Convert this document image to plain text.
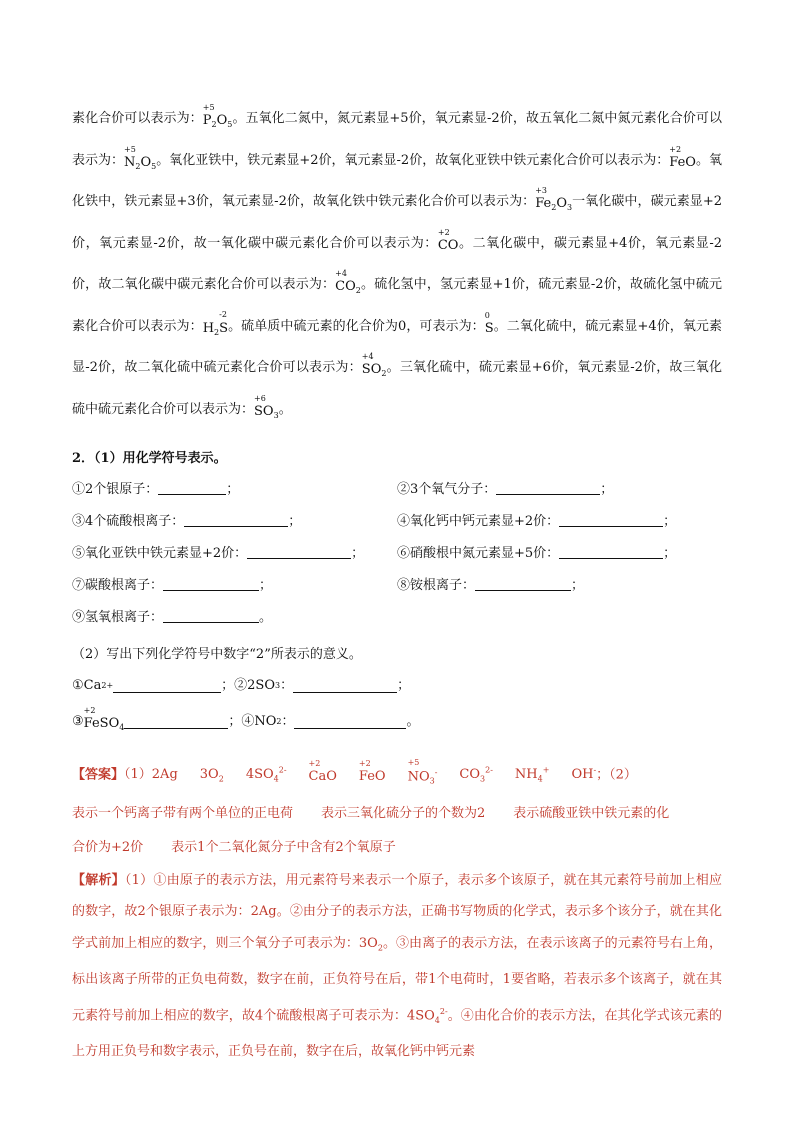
素化合价可以表示为：
+5
$P_2O_5$。五氧化二氮中，氮元素显+5价，氧元素显-2价，故五氧化二氮中氮元素化合价可以表示为：
+5
$N_2O_5$。氧化亚铁中，铁元素显+2价，氧元素显-2价，故氧化亚铁中铁元素化合价可以表示为：
+2
FeO。氧化铁中，铁元素显+3价，氧元素显-2价，故氧化铁中铁元素化合价可以表示为：
+3
$Fe_2O_3$一氧化碳中，碳元素显+2价，氧元素显-2价，故一氧化碳中碳元素化合价可以表示为：
+2
CO。二氧化碳中，碳元素显+4价，氧元素显-2价，故二氧化碳中碳元素化合价可以表示为：
+4
$CO_2$。硫化氢中，氢元素显+1价，硫元素显-2价，故硫化氢中硫元素化合价可以表示为：$H_2$
-2
S。硫单质中硫元素的化合价为0，可表示为：
0
S。二氧化硫中，硫元素显+4价，氧元素显-2价，故二氧化硫中硫元素化合价可以表示为：
+4
$SO_2$。三氧化硫中，硫元素显+6价，氧元素显-2价，故三氧化硫中硫元素化合价可以表示为：
+6
$SO_3$。

2．（1）用化学符号表示。

①2个银原子：	；	②3个氧气分子：	；
③4个硫酸根离子：	；	④氧化钙中钙元素显+2价：	；
⑤氧化亚铁中铁元素显+2价：	；	⑥硝酸根中氮元素显+5价：	；
⑦碳酸根离子：	；	⑧铵根离子：	；
⑨氢氧根离子：	。

（2）写出下列化学符号中数字“2”所表示的意义。

①Ca 2+	；②2SO 3 ：	；
③
+2
FeSO$_4$	；④NO 2 ：	。

【答案】（1）2Ag $3O_2$ $4SO_4^{2-}$
+2
CaO
+2
FeO
+5
$NO_3^-$ $CO_3^{2-}$ $NH_4^+$ OH-；（2）

表示一个钙离子带有两个单位的正电荷 表示三氧化硫分子的个数为2 表示硫酸亚铁中铁元素的化

合价为+2价 表示1个二氧化氮分子中含有2个氧原子

【解析】（1）①由原子的表示方法，用元素符号来表示一个原子，表示多个该原子，就在其元素符号前加上相应的数字，故2个银原子表示为：2Ag。②由分子的表示方法，正确书写物质的化学式，表示多个该分子，就在其化学式前加上相应的数字，则三个氧分子可表示为：$3O_2$。③由离子的表示方法，在表示该离子的元素符号右上角，标出该离子所带的正负电荷数，数字在前，正负符号在后，带1个电荷时，1要省略，若表示多个该离子，就在其元素符号前加上相应的数字，故4个硫酸根离子可表示为：$4SO_4^{2-}$。④由化合价的表示方法，在其化学式该元素的上方用正负号和数字表示，正负号在前，数字在后，故氧化钙中钙元素
